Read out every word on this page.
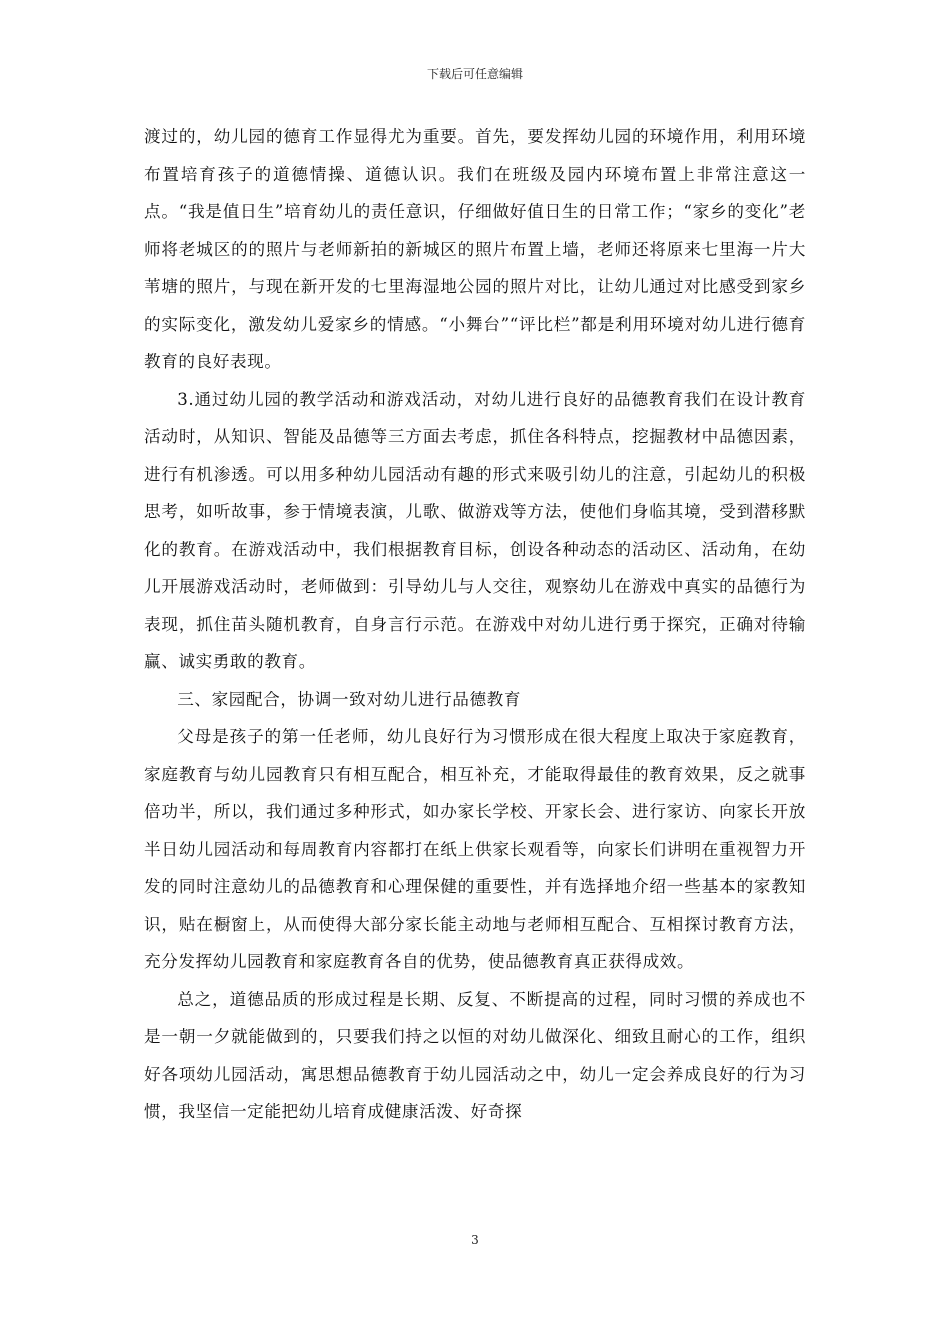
下载后可任意编辑

渡过的，幼儿园的德育工作显得尤为重要。首先，要发挥幼儿园的环境作用，利用环境布置培育孩子的道德情操、道德认识。我们在班级及园内环境布置上非常注意这一点。“我是值日生”培育幼儿的责任意识，仔细做好值日生的日常工作；“家乡的变化”老师将老城区的的照片与老师新拍的新城区的照片布置上墙，老师还将原来七里海一片大苇塘的照片，与现在新开发的七里海湿地公园的照片对比，让幼儿通过对比感受到家乡的实际变化，激发幼儿爱家乡的情感。“小舞台”“评比栏”都是利用环境对幼儿进行德育教育的良好表现。

3.通过幼儿园的教学活动和游戏活动，对幼儿进行良好的品德教育我们在设计教育活动时，从知识、智能及品德等三方面去考虑，抓住各科特点，挖掘教材中品德因素，进行有机渗透。可以用多种幼儿园活动有趣的形式来吸引幼儿的注意，引起幼儿的积极思考，如听故事，参于情境表演，儿歌、做游戏等方法，使他们身临其境，受到潜移默化的教育。在游戏活动中，我们根据教育目标，创设各种动态的活动区、活动角，在幼儿开展游戏活动时，老师做到：引导幼儿与人交往，观察幼儿在游戏中真实的品德行为表现，抓住苗头随机教育，自身言行示范。在游戏中对幼儿进行勇于探究，正确对待输赢、诚实勇敢的教育。

三、家园配合，协调一致对幼儿进行品德教育

父母是孩子的第一任老师，幼儿良好行为习惯形成在很大程度上取决于家庭教育，家庭教育与幼儿园教育只有相互配合，相互补充，才能取得最佳的教育效果，反之就事倍功半，所以，我们通过多种形式，如办家长学校、开家长会、进行家访、向家长开放半日幼儿园活动和每周教育内容都打在纸上供家长观看等，向家长们讲明在重视智力开发的同时注意幼儿的品德教育和心理保健的重要性，并有选择地介绍一些基本的家教知识，贴在橱窗上，从而使得大部分家长能主动地与老师相互配合、互相探讨教育方法，充分发挥幼儿园教育和家庭教育各自的优势，使品德教育真正获得成效。

总之，道德品质的形成过程是长期、反复、不断提高的过程，同时习惯的养成也不是一朝一夕就能做到的，只要我们持之以恒的对幼儿做深化、细致且耐心的工作，组织好各项幼儿园活动，寓思想品德教育于幼儿园活动之中，幼儿一定会养成良好的行为习惯，我坚信一定能把幼儿培育成健康活泼、好奇探

3
